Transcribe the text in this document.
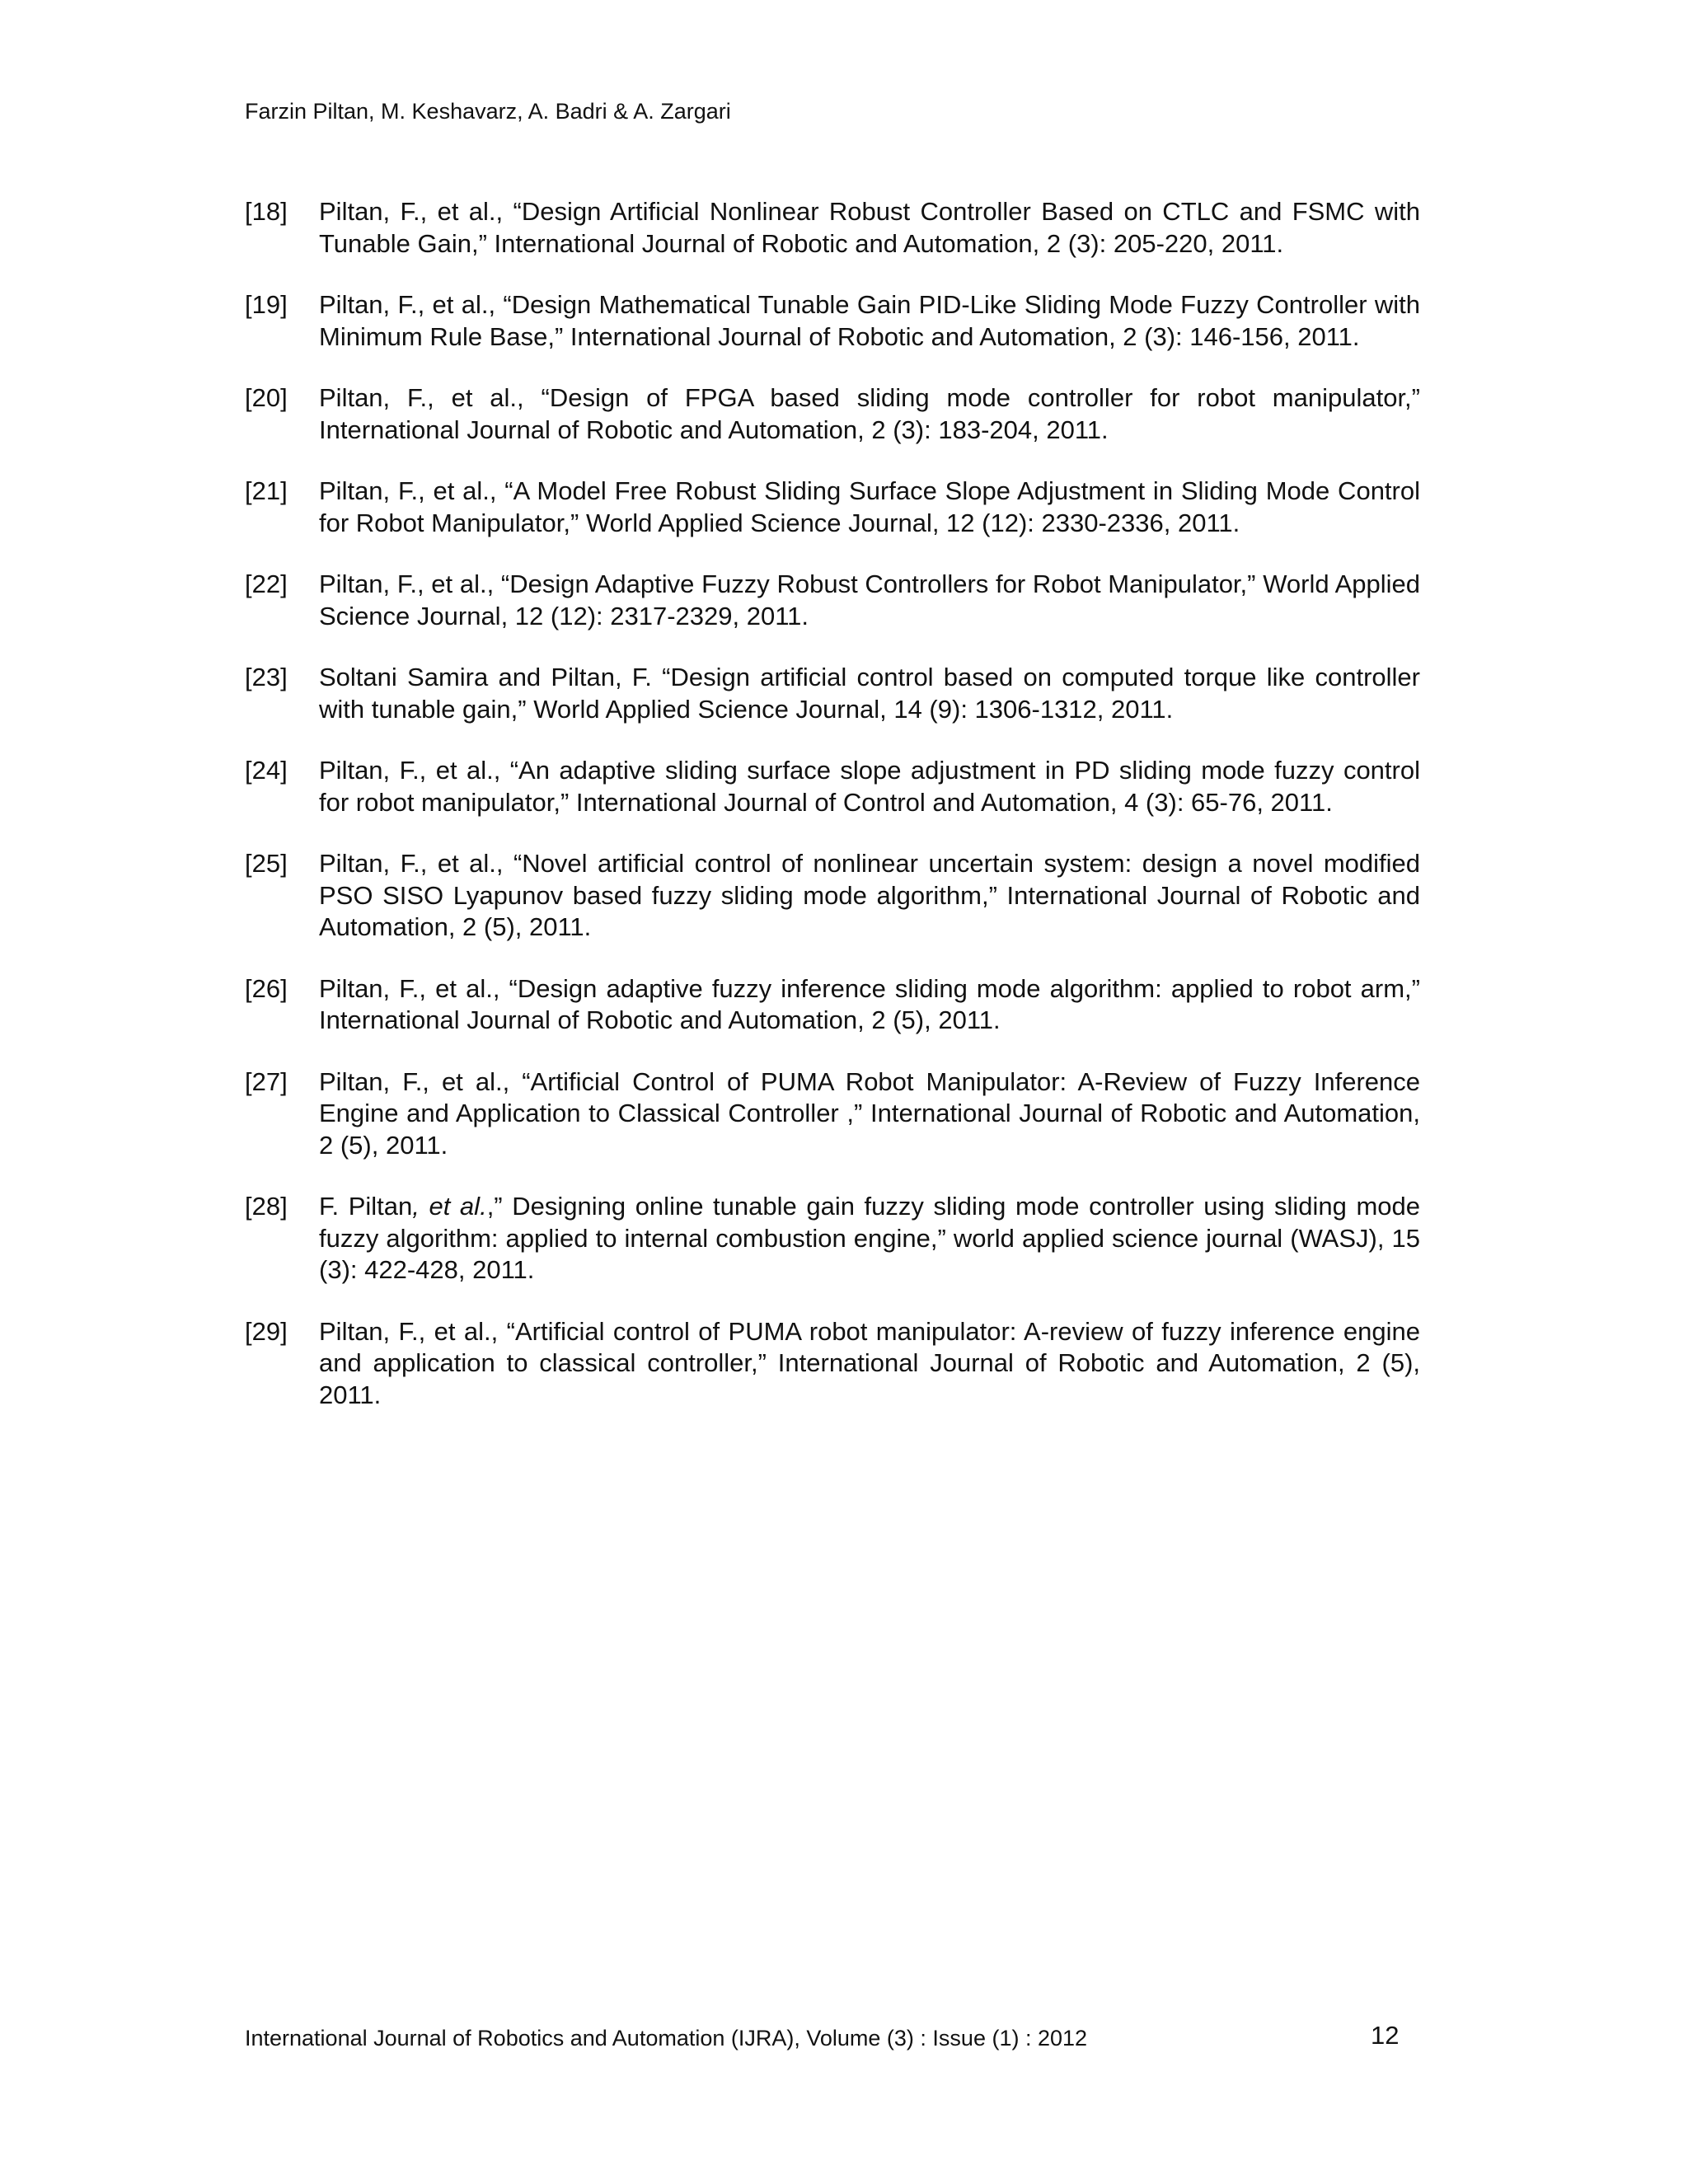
Farzin Piltan, M. Keshavarz, A. Badri & A. Zargari
[18]	Piltan, F., et al., “Design Artificial Nonlinear Robust Controller Based on CTLC and FSMC with Tunable Gain,” International Journal of Robotic and Automation, 2 (3): 205-220, 2011.
[19]	Piltan, F., et al., “Design Mathematical Tunable Gain PID-Like Sliding Mode Fuzzy Controller with Minimum Rule Base,” International Journal of Robotic and Automation, 2 (3): 146-156, 2011.
[20]	Piltan, F., et al., “Design of FPGA based sliding mode controller for robot manipulator,” International Journal of Robotic and Automation, 2 (3): 183-204, 2011.
[21]	Piltan, F., et al., “A Model Free Robust Sliding Surface Slope Adjustment in Sliding Mode Control for Robot Manipulator,” World Applied Science Journal, 12 (12): 2330-2336, 2011.
[22]	Piltan, F., et al., “Design Adaptive Fuzzy Robust Controllers for Robot Manipulator,” World Applied Science Journal, 12 (12): 2317-2329, 2011.
[23]	Soltani Samira and Piltan, F. “Design artificial control based on computed torque like controller with tunable gain,” World Applied Science Journal, 14 (9): 1306-1312, 2011.
[24]	Piltan, F., et al., “An adaptive sliding surface slope adjustment in PD sliding mode fuzzy control for robot manipulator,” International Journal of Control and Automation, 4 (3): 65-76, 2011.
[25]	Piltan, F., et al., “Novel artificial control of nonlinear uncertain system: design a novel modified PSO SISO Lyapunov based fuzzy sliding mode algorithm,” International Journal of Robotic and Automation, 2 (5), 2011.
[26]	Piltan, F., et al., “Design adaptive fuzzy inference sliding mode algorithm: applied to robot arm,” International Journal of Robotic and Automation, 2 (5), 2011.
[27]	Piltan, F., et al., “Artificial Control of PUMA Robot Manipulator: A-Review of Fuzzy Inference Engine and Application to Classical Controller ,” International Journal of Robotic and Automation, 2 (5), 2011.
[28]	F. Piltan, et al.,” Designing online tunable gain fuzzy sliding mode controller using sliding mode fuzzy algorithm: applied to internal combustion engine,” world applied science journal (WASJ), 15 (3): 422-428, 2011.
[29]	Piltan, F., et al., “Artificial control of PUMA robot manipulator: A-review of fuzzy inference engine and application to classical controller,” International Journal of Robotic and Automation, 2 (5), 2011.
International Journal of Robotics and Automation (IJRA), Volume (3) : Issue (1) : 2012	12
